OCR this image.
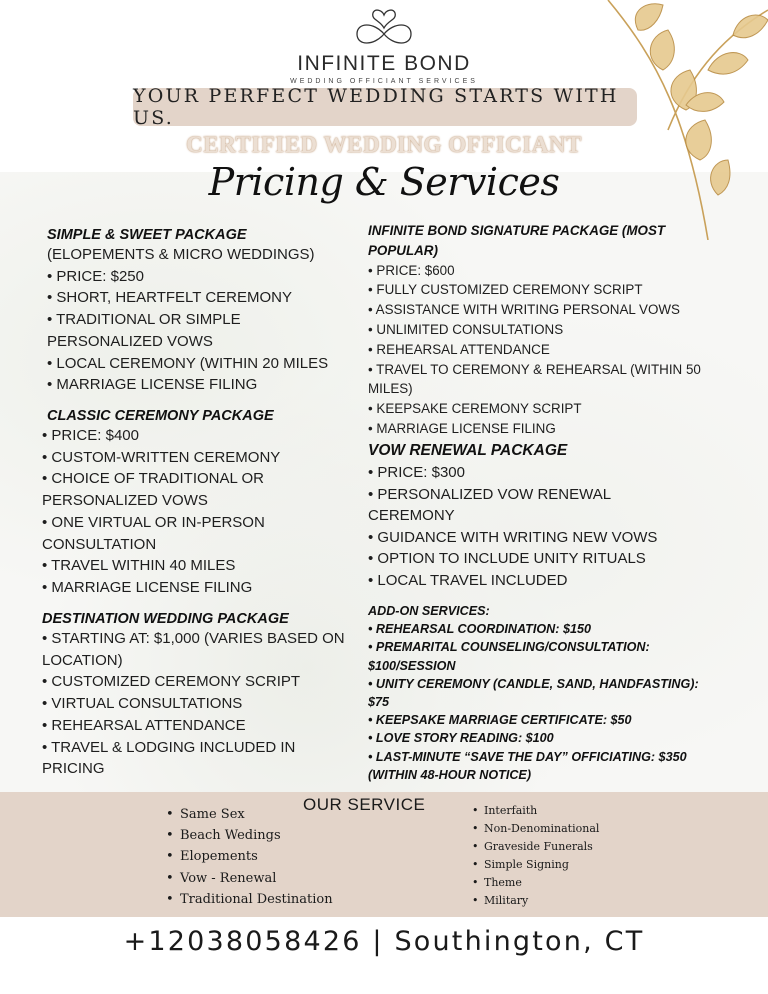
INFINITE BOND
WEDDING OFFICIANT SERVICES
YOUR PERFECT WEDDING STARTS WITH US.
CERTIFIED WEDDING OFFICIANT
Pricing & Services
SIMPLE & SWEET PACKAGE
(ELOPEMENTS & MICRO WEDDINGS)
• PRICE: $250
• SHORT, HEARTFELT CEREMONY
• TRADITIONAL OR SIMPLE
PERSONALIZED VOWS
• LOCAL CEREMONY (WITHIN 20 MILES
• MARRIAGE LICENSE FILING
CLASSIC CEREMONY PACKAGE
• PRICE: $400
• CUSTOM-WRITTEN CEREMONY
• CHOICE OF TRADITIONAL OR
PERSONALIZED VOWS
• ONE VIRTUAL OR IN-PERSON
CONSULTATION
• TRAVEL WITHIN 40 MILES
• MARRIAGE LICENSE FILING
DESTINATION WEDDING PACKAGE
• STARTING AT: $1,000 (VARIES BASED ON
LOCATION)
• CUSTOMIZED CEREMONY SCRIPT
• VIRTUAL CONSULTATIONS
• REHEARSAL ATTENDANCE
• TRAVEL & LODGING INCLUDED IN
PRICING
INFINITE BOND SIGNATURE PACKAGE (MOST
POPULAR)
• PRICE: $600
• FULLY CUSTOMIZED CEREMONY SCRIPT
• ASSISTANCE WITH WRITING PERSONAL VOWS
• UNLIMITED CONSULTATIONS
• REHEARSAL ATTENDANCE
• TRAVEL TO CEREMONY & REHEARSAL (WITHIN 50
MILES)
• KEEPSAKE CEREMONY SCRIPT
• MARRIAGE LICENSE FILING
VOW RENEWAL PACKAGE
• PRICE: $300
• PERSONALIZED VOW RENEWAL
CEREMONY
• GUIDANCE WITH WRITING NEW VOWS
• OPTION TO INCLUDE UNITY RITUALS
• LOCAL TRAVEL INCLUDED
ADD-ON SERVICES:
• REHEARSAL COORDINATION: $150
• PREMARITAL COUNSELING/CONSULTATION:
$100/SESSION
• UNITY CEREMONY (CANDLE, SAND, HANDFASTING):
$75
• KEEPSAKE MARRIAGE CERTIFICATE: $50
• LOVE STORY READING: $100
• LAST-MINUTE “SAVE THE DAY” OFFICIATING: $350
(WITHIN 48-HOUR NOTICE)
OUR SERVICE
• Same Sex
• Beach Wedings
• Elopements
• Vow - Renewal
• Traditional Destination
• Interfaith
• Non-Denominational
• Graveside Funerals
• Simple Signing
• Theme
• Military
+12038058426 | Southington, CT
